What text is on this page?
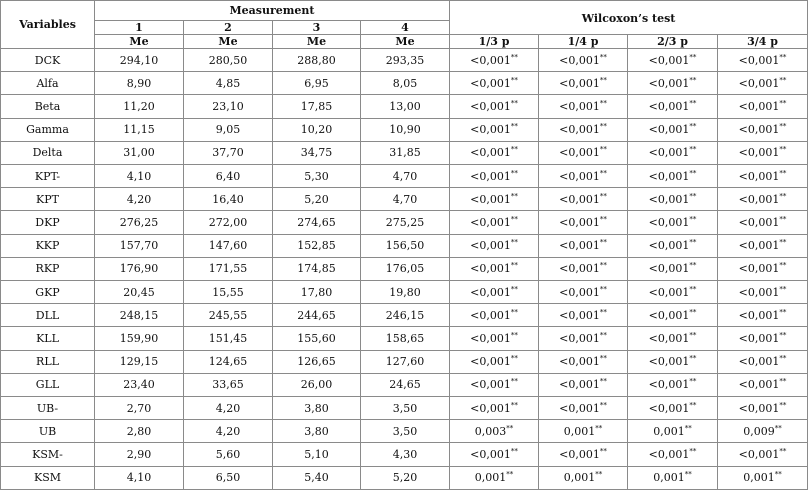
Variables	Measurement				Wilcoxon’s test			
	1	2	3	4				
	Me	Me	Me	Me	1/3 p	1/4 p	2/3 p	3/4 p
DCK	294,10	280,50	288,80	293,35	<0,001**	<0,001**	<0,001**	<0,001**
Alfa	8,90	4,85	6,95	8,05	<0,001**	<0,001**	<0,001**	<0,001**
Beta	11,20	23,10	17,85	13,00	<0,001**	<0,001**	<0,001**	<0,001**
Gamma	11,15	9,05	10,20	10,90	<0,001**	<0,001**	<0,001**	<0,001**
Delta	31,00	37,70	34,75	31,85	<0,001**	<0,001**	<0,001**	<0,001**
KPT-	4,10	6,40	5,30	4,70	<0,001**	<0,001**	<0,001**	<0,001**
KPT	4,20	16,40	5,20	4,70	<0,001**	<0,001**	<0,001**	<0,001**
DKP	276,25	272,00	274,65	275,25	<0,001**	<0,001**	<0,001**	<0,001**
KKP	157,70	147,60	152,85	156,50	<0,001**	<0,001**	<0,001**	<0,001**
RKP	176,90	171,55	174,85	176,05	<0,001**	<0,001**	<0,001**	<0,001**
GKP	20,45	15,55	17,80	19,80	<0,001**	<0,001**	<0,001**	<0,001**
DLL	248,15	245,55	244,65	246,15	<0,001**	<0,001**	<0,001**	<0,001**
KLL	159,90	151,45	155,60	158,65	<0,001**	<0,001**	<0,001**	<0,001**
RLL	129,15	124,65	126,65	127,60	<0,001**	<0,001**	<0,001**	<0,001**
GLL	23,40	33,65	26,00	24,65	<0,001**	<0,001**	<0,001**	<0,001**
UB-	2,70	4,20	3,80	3,50	<0,001**	<0,001**	<0,001**	<0,001**
UB	2,80	4,20	3,80	3,50	0,003**	0,001**	0,001**	0,009**
KSM-	2,90	5,60	5,10	4,30	<0,001**	<0,001**	<0,001**	<0,001**
KSM	4,10	6,50	5,40	5,20	0,001**	0,001**	0,001**	0,001**
